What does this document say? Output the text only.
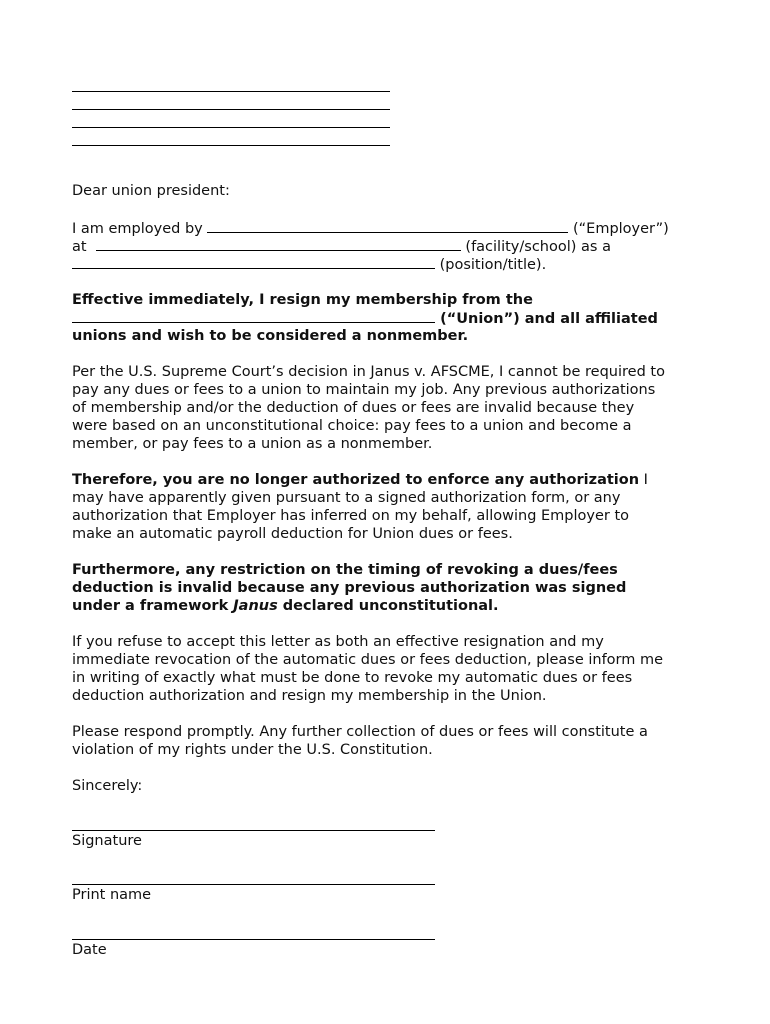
Dear union president:
I am employed by	(“Employer”)
at	(facility/school) as a
(position/title).
Effective immediately, I resign my membership from the
(“Union”) and all affiliated
unions and wish to be considered a nonmember.
Per the U.S. Supreme Court’s decision in Janus v. AFSCME, I cannot be required to
pay any dues or fees to a union to maintain my job. Any previous authorizations
of membership and/or the deduction of dues or fees are invalid because they
were based on an unconstitutional choice: pay fees to a union and become a
member, or pay fees to a union as a nonmember.
Therefore, you are no longer authorized to enforce any authorization I
may have apparently given pursuant to a signed authorization form, or any
authorization that Employer has inferred on my behalf, allowing Employer to
make an automatic payroll deduction for Union dues or fees.
Furthermore, any restriction on the timing of revoking a dues/fees
deduction is invalid because any previous authorization was signed
under a framework Janus declared unconstitutional.
If you refuse to accept this letter as both an effective resignation and my
immediate revocation of the automatic dues or fees deduction, please inform me
in writing of exactly what must be done to revoke my automatic dues or fees
deduction authorization and resign my membership in the Union.
Please respond promptly. Any further collection of dues or fees will constitute a
violation of my rights under the U.S. Constitution.
Sincerely:
Signature
Print name
Date
